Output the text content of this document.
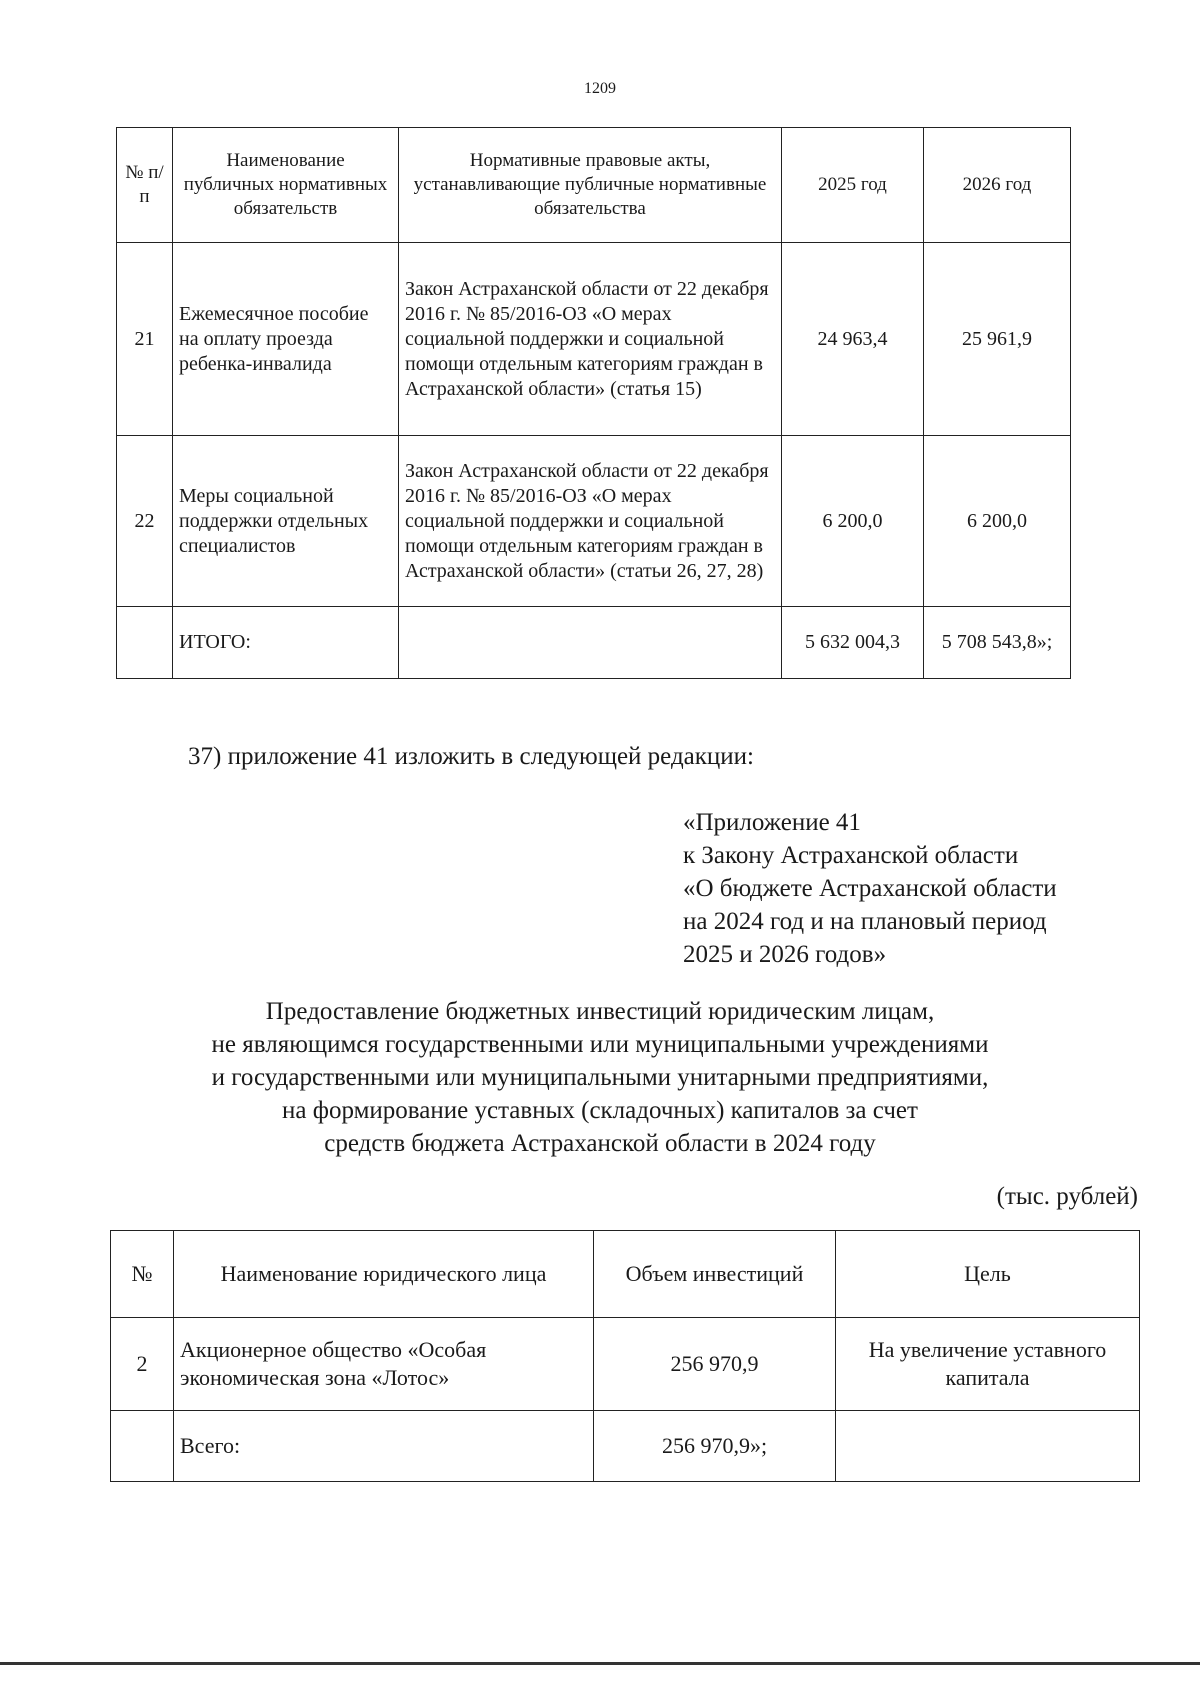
1209
№ п/п	Наименование публичных нормативных обязательств	Нормативные правовые акты, устанавливающие публичные нормативные обязательства	2025 год	2026 год
21	Ежемесячное пособие на оплату проезда ребенка-инвалида	Закон Астраханской области от 22 декабря 2016 г. № 85/2016-ОЗ «О мерах социальной поддержки и социальной помощи отдельным категориям граждан в Астраханской области» (статья 15)	24 963,4	25 961,9
22	Меры социальной поддержки отдельных специалистов	Закон Астраханской области от 22 декабря 2016 г. № 85/2016-ОЗ «О мерах социальной поддержки и социальной помощи отдельным категориям граждан в Астраханской области» (статьи 26, 27, 28)	6 200,0	6 200,0
	ИТОГО:		5 632 004,3	5 708 543,8»;
37) приложение 41 изложить в следующей редакции:
«Приложение 41
к Закону Астраханской области
«О бюджете Астраханской области
на 2024 год и на плановый период
2025 и 2026 годов»
Предоставление бюджетных инвестиций юридическим лицам,
не являющимся государственными или муниципальными учреждениями
и государственными или муниципальными унитарными предприятиями,
на формирование уставных (складочных) капиталов за счет
средств бюджета Астраханской области в 2024 году
(тыс. рублей)
№	Наименование юридического лица	Объем инвестиций	Цель
2	Акционерное общество «Особая экономическая зона «Лотос»	256 970,9	На увеличение уставного капитала
	Всего:	256 970,9»;	
